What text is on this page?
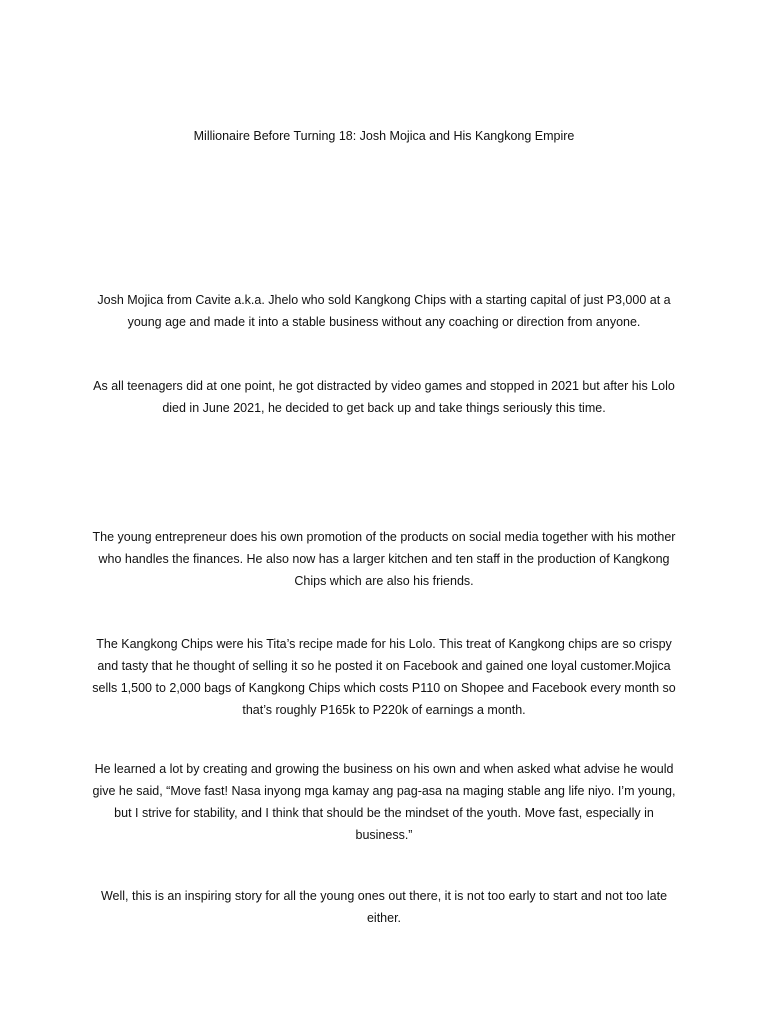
Millionaire Before Turning 18: Josh Mojica and His Kangkong Empire

Josh Mojica from Cavite a.k.a. Jhelo who sold Kangkong Chips with a starting capital of just P3,000 at a young age and made it into a stable business without any coaching or direction from anyone.

As all teenagers did at one point, he got distracted by video games and stopped in 2021 but after his Lolo died in June 2021, he decided to get back up and take things seriously this time.

The young entrepreneur does his own promotion of the products on social media together with his mother who handles the finances. He also now has a larger kitchen and ten staff in the production of Kangkong Chips which are also his friends.

The Kangkong Chips were his Tita’s recipe made for his Lolo. This treat of Kangkong chips are so crispy and tasty that he thought of selling it so he posted it on Facebook and gained one loyal customer.Mojica sells 1,500 to 2,000 bags of Kangkong Chips which costs P110 on Shopee and Facebook every month so that’s roughly P165k to P220k of earnings a month.

He learned a lot by creating and growing the business on his own and when asked what advise he would give he said, “Move fast! Nasa inyong mga kamay ang pag-asa na maging stable ang life niyo. I’m young, but I strive for stability, and I think that should be the mindset of the youth. Move fast, especially in business.”

Well, this is an inspiring story for all the young ones out there, it is not too early to start and not too late either.
